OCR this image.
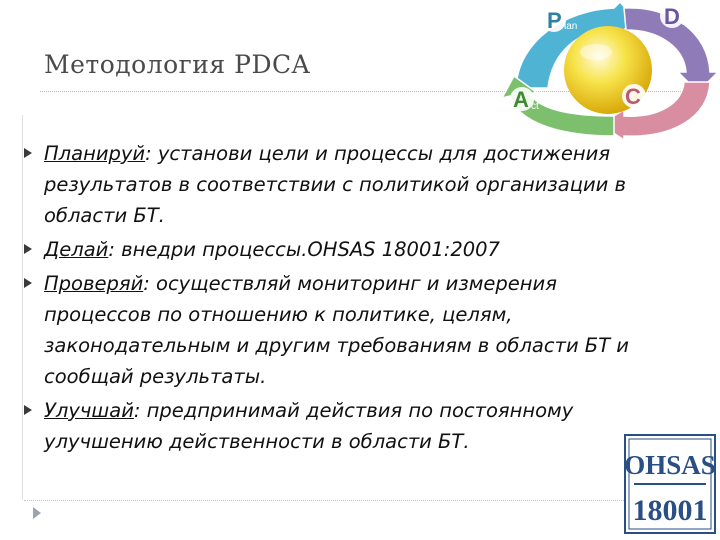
Методология PDCA
P lan	D o
C heck
A ct

Планируй: установи цели и процессы для достижения результатов в соответствии с политикой организации в области БТ.

Делай: внедри процессы.OHSAS 18001:2007

Проверяй: осуществляй мониторинг и измерения процессов по отношению к политике, целям, законодательным и другим требованиям в области БТ и сообщай результаты.

Улучшай: предпринимай действия по постоянному улучшению действенности в области БТ.

OHSAS
18001
